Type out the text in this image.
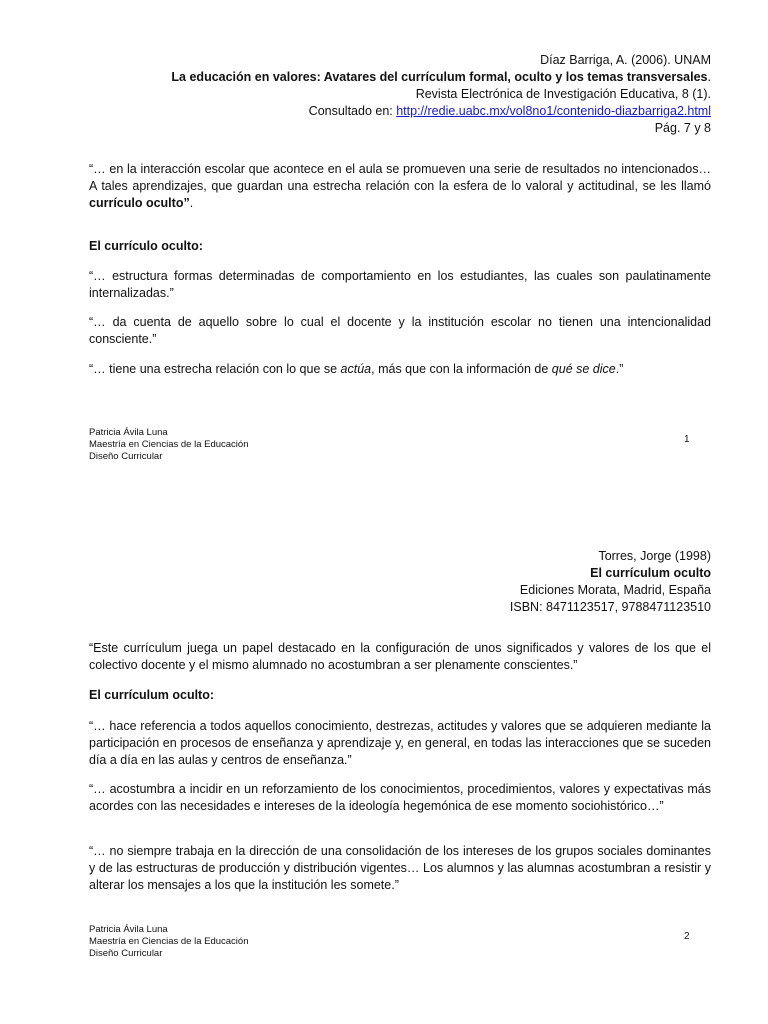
Díaz Barriga, A. (2006). UNAM
La educación en valores: Avatares del currículum formal, oculto y los temas transversales.
Revista Electrónica de Investigación Educativa, 8 (1).
Consultado en: http://redie.uabc.mx/vol8no1/contenido-diazbarriga2.html
Pág. 7 y 8
“… en la interacción escolar que acontece en el aula se promueven una serie de resultados no intencionados… A tales aprendizajes, que guardan una estrecha relación con la esfera de lo valoral y actitudinal, se les llamó currículo oculto”.
El currículo oculto:
“… estructura formas determinadas de comportamiento en los estudiantes, las cuales son paulatinamente internalizadas.”
“… da cuenta de aquello sobre lo cual el docente y la institución escolar no tienen una intencionalidad consciente.”
“… tiene una estrecha relación con lo que se actúa, más que con la información de qué se dice.”
Patricia Ávila Luna
Maestría en Ciencias de la Educación
Diseño Curricular
1
Torres, Jorge (1998)
El currículum oculto
Ediciones Morata, Madrid, España
ISBN: 8471123517, 9788471123510
“Este currículum juega un papel destacado en la configuración de unos significados y valores de los que el colectivo docente y el mismo alumnado no acostumbran a ser plenamente conscientes.”
El currículum oculto:
“… hace referencia a todos aquellos conocimiento, destrezas, actitudes y valores que se adquieren mediante la participación en procesos de enseñanza y aprendizaje y, en general, en todas las interacciones que se suceden día a día en las aulas y centros de enseñanza.”
“… acostumbra a incidir en un reforzamiento de los conocimientos, procedimientos, valores y expectativas más acordes con las necesidades e intereses de la ideología hegemónica de ese momento sociohistórico…”
“… no siempre trabaja en la dirección de una consolidación de los intereses de los grupos sociales dominantes y de las estructuras de producción y distribución vigentes… Los alumnos y las alumnas acostumbran a resistir y alterar los mensajes a los que la institución les somete.”
Patricia Ávila Luna
Maestría en Ciencias de la Educación
Diseño Curricular
2
